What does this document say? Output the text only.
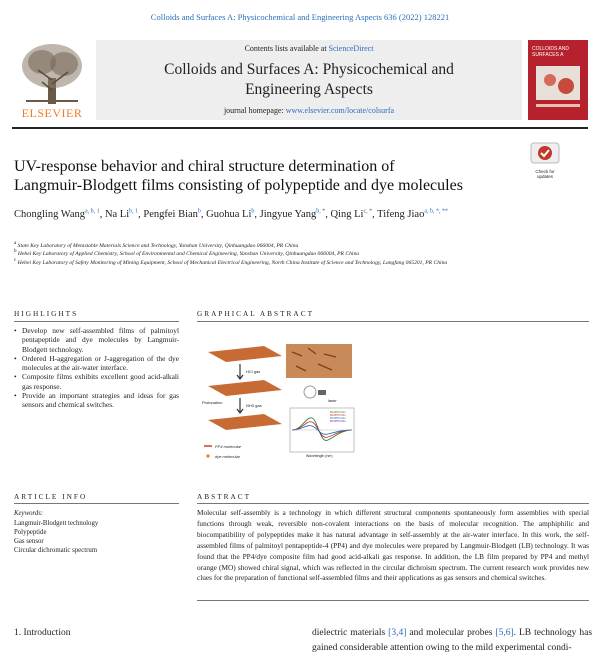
Colloids and Surfaces A: Physicochemical and Engineering Aspects 636 (2022) 128221
ELSEVIER
Contents lists available at ScienceDirect
Colloids and Surfaces A: Physicochemical and
Engineering Aspects
journal homepage: www.elsevier.com/locate/colsurfa
COLLOIDS AND SURFACES A
UV-response behavior and chiral structure determination of
Langmuir-Blodgett films consisting of polypeptide and dye molecules
Check for
updates
Chongling Wang$^{a, b, 1}$, Na Li$^{b, 1}$, Pengfei Bian$^b$, Guohua Li$^b$, Jingyue Yang$^{b, *}$, Qing $Li^{c, *}$, Tifeng Jiao$^{a, b, *, **}$
a State Key Laboratory of Metastable Materials Science and Technology, Yanshan University, Qinhuangdao 066004, PR China
b Hebei Key Laboratory of Applied Chemistry, School of Environmental and Chemical Engineering, Yanshan University, Qinhuangdao 066004, PR China
c Hebei Key Laboratory of Safety Monitoring of Mining Equipment, School of Mechanical Electrical Engineering, North China Institute of Science and Technology, Langfang 065201, PR China
HIGHLIGHTS
• Develop new self-assembled films of palmitoyl pentapeptide and dye molecules by Langmuir-Blodgett technology.
• Ordered H-aggregation or J-aggregation of the dye molecules at the air-water interface.
• Composite films exhibits excellent good acid-alkali gas response.
• Provide an important strategies and ideas for gas sensors and chemical switches.
GRAPHICAL ABSTRACT
HCl gas
Protonation
NH3 gas
laser
MO/PP4 film
MO/PP4 film
MO/PP4 film
MO/PP4 film
Wavelength (nm)
PP4 molecular
dye molecular
ARTICLE INFO
Keywords:
Langmuir-Blodgett technology
Polypeptide
Gas sensor
Circular dichromatic spectrum
ABSTRACT
Molecular self-assembly is a technology in which different structural components spontaneously form assemblies with special functions through weak, reversible non-covalent interactions on the basis of molecular recognition. The amphiphilic and biocompatibility of polypeptides make it has natural advantage in self-assembly at the air-water interface. In this work, the self-assembled films of palmitoyl pentapeptide-4 (PP4) and dye molecules were prepared by Langmuir-Blodgett (LB) technology. It was found that the PP4/dye composite film had good acid-alkali gas response. In addition, the LB film prepared by PP4 and methyl orange (MO) showed chiral signal, which was reflected in the circular dichroism spectrum. The current research work provides new clues for the preparation of functional self-assembled films and their applications as gas sensors and chemical switches.
1. Introduction	dielectric materials [3,4] and molecular probes [5,6]. LB technology has gained considerable attention owing to the mild experimental condi-
